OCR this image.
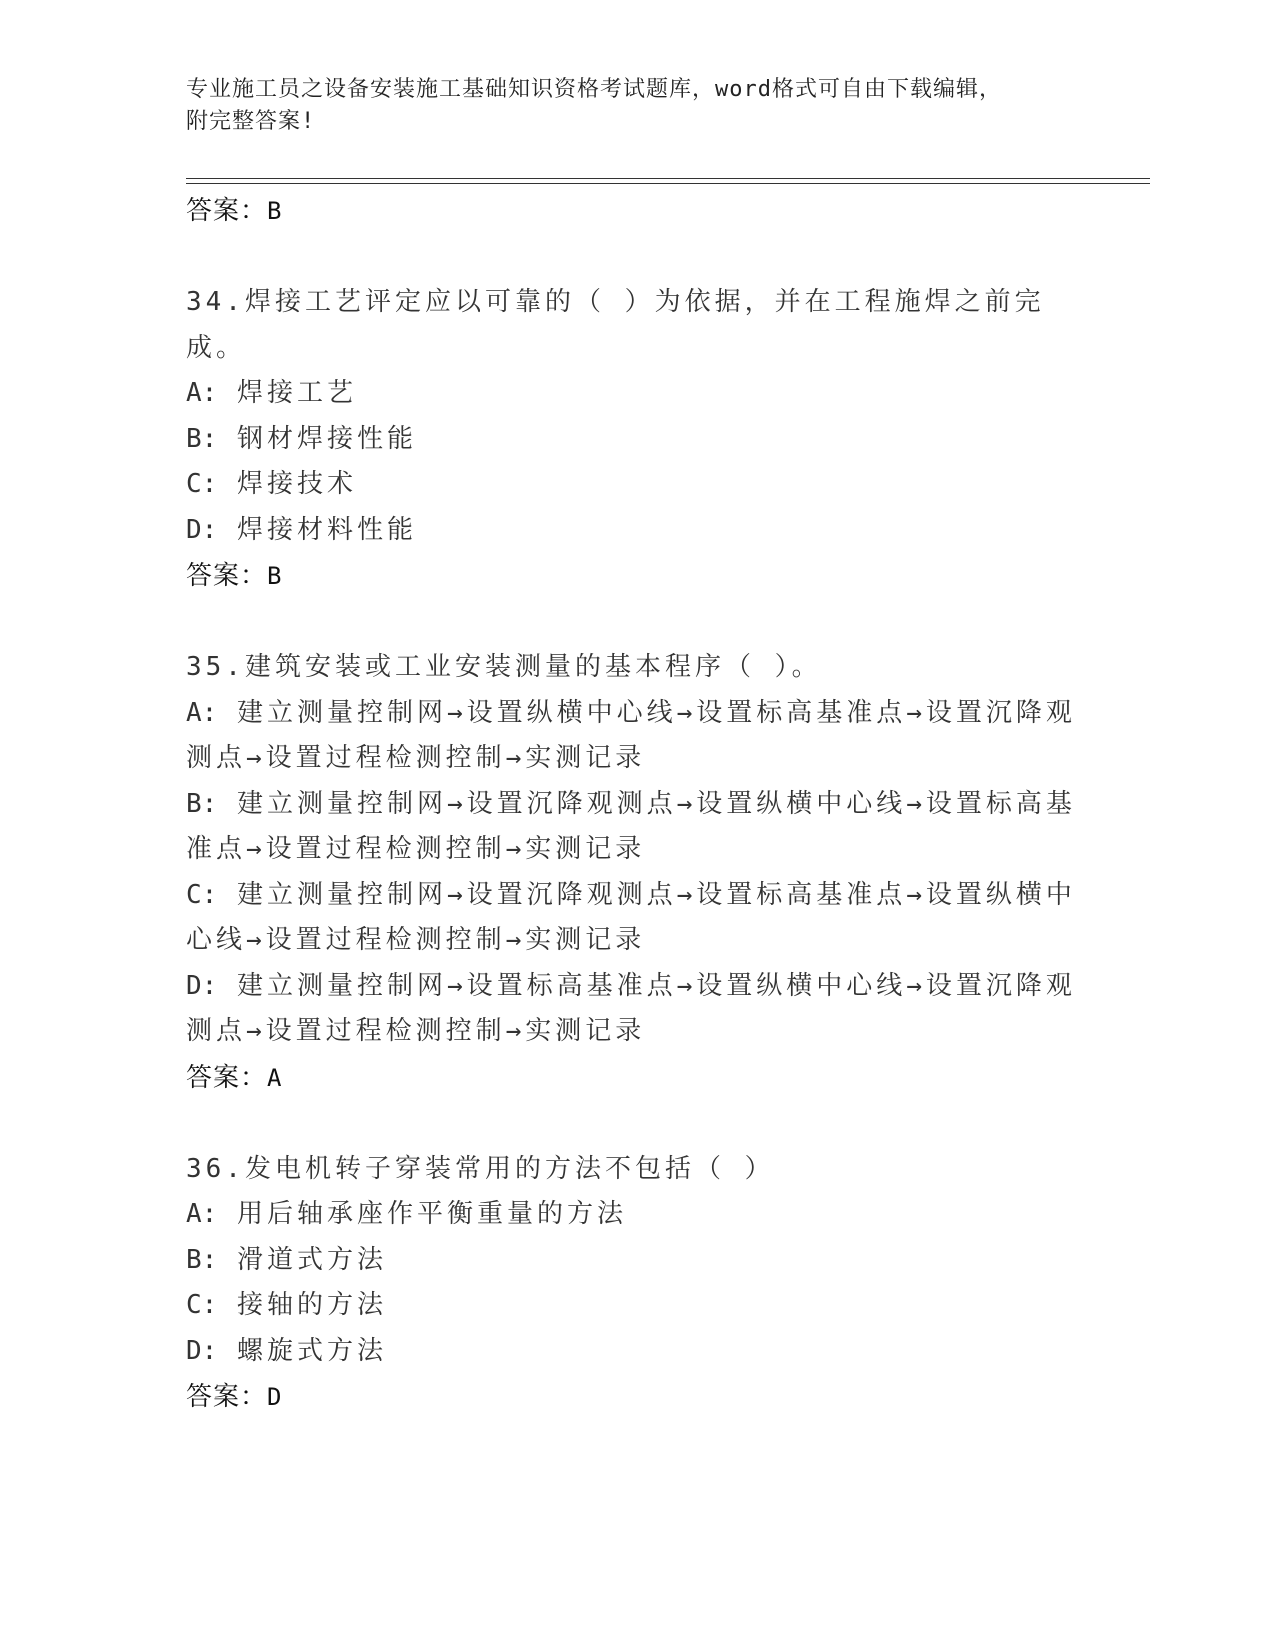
专业施工员之设备安装施工基础知识资格考试题库，word格式可自由下载编辑，
附完整答案!
答案：B
34.焊接工艺评定应以可靠的（ ）为依据，并在工程施焊之前完成。
A: 焊接工艺
B: 钢材焊接性能
C: 焊接技术
D: 焊接材料性能
答案：B
35.建筑安装或工业安装测量的基本程序（ ）。
A: 建立测量控制网→设置纵横中心线→设置标高基准点→设置沉降观测点→设置过程检测控制→实测记录
B: 建立测量控制网→设置沉降观测点→设置纵横中心线→设置标高基准点→设置过程检测控制→实测记录
C: 建立测量控制网→设置沉降观测点→设置标高基准点→设置纵横中心线→设置过程检测控制→实测记录
D: 建立测量控制网→设置标高基准点→设置纵横中心线→设置沉降观测点→设置过程检测控制→实测记录
答案：A
36.发电机转子穿装常用的方法不包括（ ）
A: 用后轴承座作平衡重量的方法
B: 滑道式方法
C: 接轴的方法
D: 螺旋式方法
答案：D
